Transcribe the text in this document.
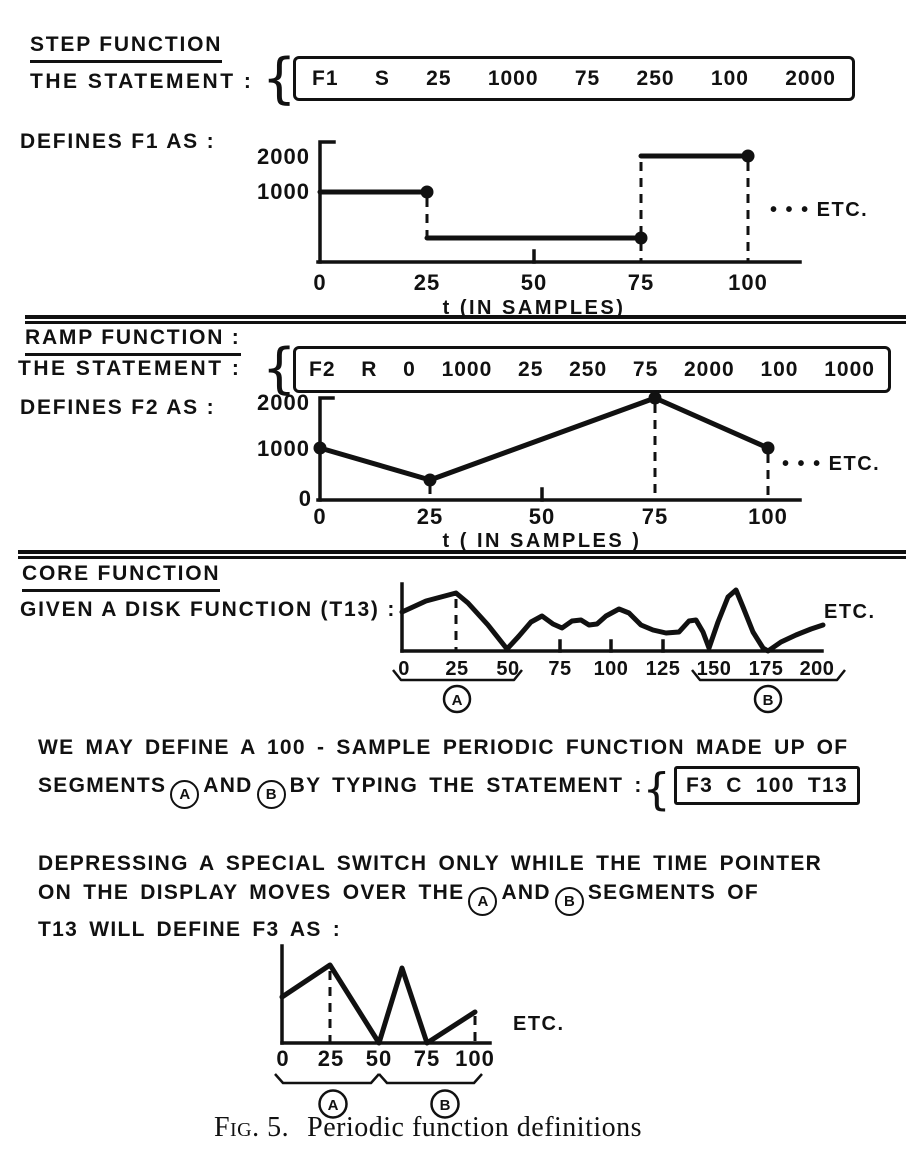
STEP FUNCTION
THE STATEMENT : { F1 S 25 1000 75 250 100 2000
DEFINES F1 AS :
2000
1000
0	25	50	75	100
• • • ETC.
t (IN SAMPLES)
RAMP FUNCTION :
THE STATEMENT : { F2 R 0 1000 25 250 75 2000 100 1000
DEFINES F2 AS : 2000
1000
0
0	25	50	75	100
• • • ETC.
t ( IN SAMPLES )
CORE FUNCTION
GIVEN A DISK FUNCTION (T13) :
0 25 50 75 100 125 150 175 200
A	B
ETC.
WE MAY DEFINE A 100 - SAMPLE PERIODIC FUNCTION MADE UP OF
SEGMENTS A AND B BY TYPING THE STATEMENT :{ F3 C 100 T13
DEPRESSING A SPECIAL SWITCH ONLY WHILE THE TIME POINTER
ON THE DISPLAY MOVES OVER THE A AND B SEGMENTS OF
T13 WILL DEFINE F3 AS :
0 25 50 75 100
A	B
ETC.
Fig. 5. Periodic function definitions
